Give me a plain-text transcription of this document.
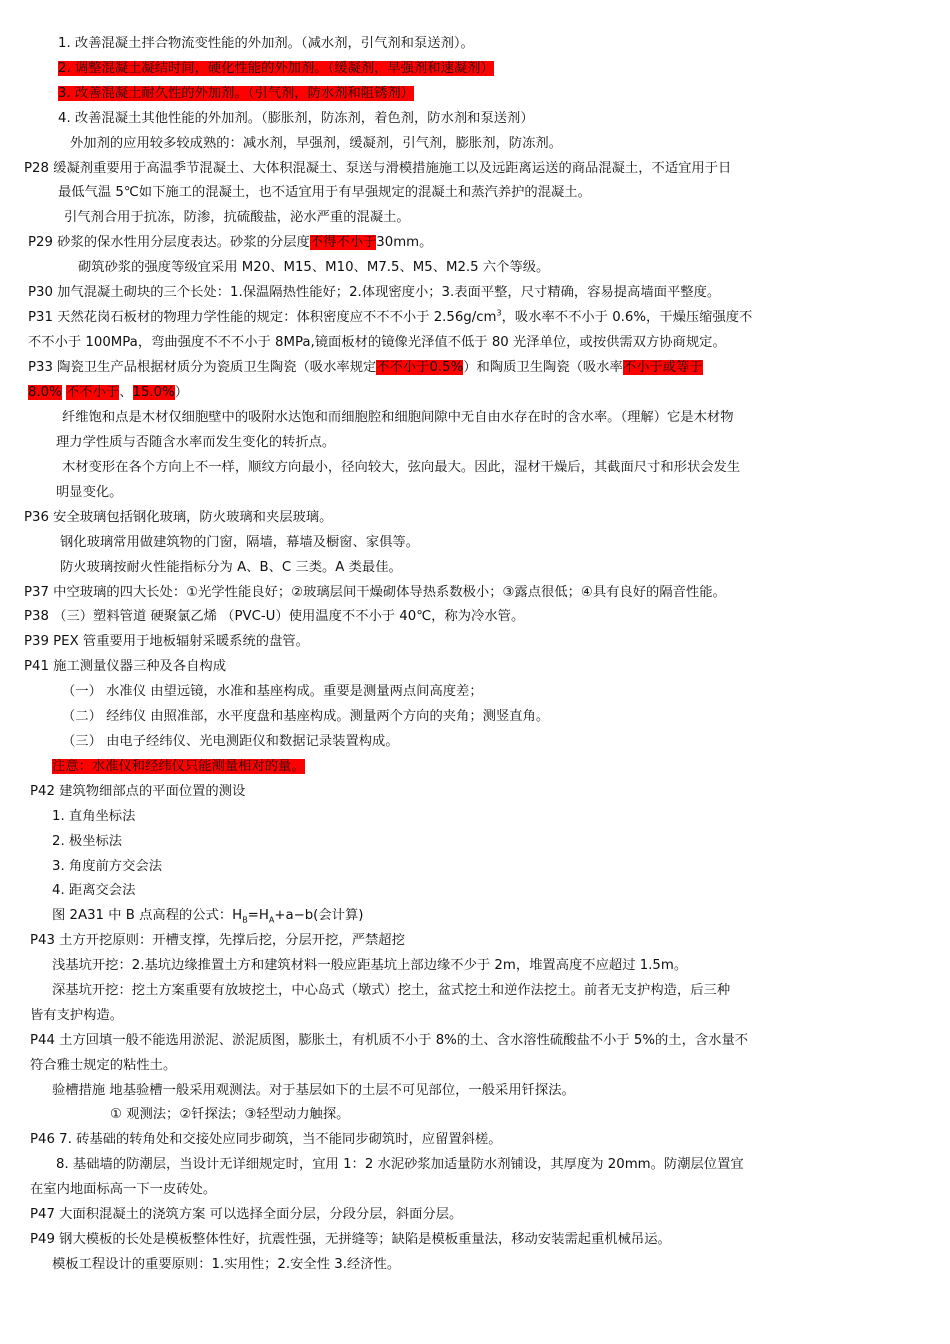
1. 改善混凝土拌合物流变性能的外加剂。（减水剂，引气剂和泵送剂）。
2. 调整混凝土凝结时间，硬化性能的外加剂。（缓凝剂，早强剂和速凝剂）
3. 改善混凝土耐久性的外加剂。（引气剂，防水剂和阻锈剂）
4. 改善混凝土其他性能的外加剂。（膨胀剂，防冻剂，着色剂，防水剂和泵送剂）
外加剂的应用较多较成熟的：减水剂，早强剂，缓凝剂，引气剂，膨胀剂，防冻剂。
P28 缓凝剂重要用于高温季节混凝土、大体积混凝土、泵送与滑模措施施工以及远距离运送的商品混凝土，不适宜用于日
最低气温 5℃如下施工的混凝土，也不适宜用于有早强规定的混凝土和蒸汽养护的混凝土。
引气剂合用于抗冻，防渗，抗硫酸盐，泌水严重的混凝土。
P29 砂浆的保水性用分层度表达。砂浆的分层度不得不小于30mm。
砌筑砂浆的强度等级宜采用 M20、M15、M10、M7.5、M5、M2.5 六个等级。
P30 加气混凝土砌块的三个长处：1.保温隔热性能好；2.体现密度小；3.表面平整，尺寸精确，容易提高墙面平整度。
P31 天然花岗石板材的物理力学性能的规定：体积密度应不不不小于 $2.56g/cm^3$，吸水率不不小于 0.6%，干燥压缩强度不
不不小于 100MPa，弯曲强度不不不小于 8MPa,镜面板材的镜像光泽值不低于 80 光泽单位，或按供需双方协商规定。
P33 陶瓷卫生产品根据材质分为瓷质卫生陶瓷（吸水率规定不不小于0.5%）和陶质卫生陶瓷（吸水率不小于或等于
8.0% 不不小于、15.0%）
纤维饱和点是木材仅细胞壁中的吸附水达饱和而细胞腔和细胞间隙中无自由水存在时的含水率。（理解）它是木材物
理力学性质与否随含水率而发生变化的转折点。
木材变形在各个方向上不一样，顺纹方向最小，径向较大，弦向最大。因此，湿材干燥后，其截面尺寸和形状会发生
明显变化。
P36 安全玻璃包括钢化玻璃，防火玻璃和夹层玻璃。
钢化玻璃常用做建筑物的门窗，隔墙，幕墙及橱窗、家俱等。
防火玻璃按耐火性能指标分为 A、B、C 三类。A 类最佳。
P37 中空玻璃的四大长处：①光学性能良好；②玻璃层间干燥砌体导热系数极小；③露点很低；④具有良好的隔音性能。
P38 （三）塑料管道 硬聚氯乙烯 （PVC-U）使用温度不不小于 40℃，称为冷水管。
P39 PEX 管重要用于地板辐射采暖系统的盘管。
P41 施工测量仪器三种及各自构成
（一） 水准仪 由望远镜，水准和基座构成。重要是测量两点间高度差；
（二） 经纬仪 由照准部，水平度盘和基座构成。测量两个方向的夹角；测竖直角。
（三） 由电子经纬仪、光电测距仪和数据记录装置构成。
注意：水准仪和经纬仪只能测量相对的量。
P42 建筑物细部点的平面位置的测设
1. 直角坐标法
2. 极坐标法
3. 角度前方交会法
4. 距离交会法
图 2A31 中 B 点高程的公式：$H_B=H_A+a-b$(会计算)
P43 土方开挖原则：开槽支撑，先撑后挖，分层开挖，严禁超挖
浅基坑开挖：2.基坑边缘推置土方和建筑材料一般应距基坑上部边缘不少于 2m，堆置高度不应超过 1.5m。
深基坑开挖：挖土方案重要有放坡挖土，中心岛式（墩式）挖土，盆式挖土和逆作法挖土。前者无支护构造，后三种
皆有支护构造。
P44 土方回填一般不能选用淤泥、淤泥质图，膨胀土，有机质不小于 8%的土、含水溶性硫酸盐不小于 5%的土，含水量不
符合雅士规定的粘性土。
验槽措施 地基验槽一般采用观测法。对于基层如下的土层不可见部位，一般采用钎探法。
① 观测法；②钎探法；③轻型动力触探。
P46 7. 砖基础的转角处和交接处应同步砌筑，当不能同步砌筑时，应留置斜槎。
8. 基础墙的防潮层，当设计无详细规定时，宜用 1：2 水泥砂浆加适量防水剂铺设，其厚度为 20mm。防潮层位置宜
在室内地面标高一下一皮砖处。
P47 大面积混凝土的浇筑方案 可以选择全面分层，分段分层，斜面分层。
P49 钢大模板的长处是模板整体性好，抗震性强，无拼缝等；缺陷是模板重量法，移动安装需起重机械吊运。
模板工程设计的重要原则：1.实用性；2.安全性 3.经济性。
